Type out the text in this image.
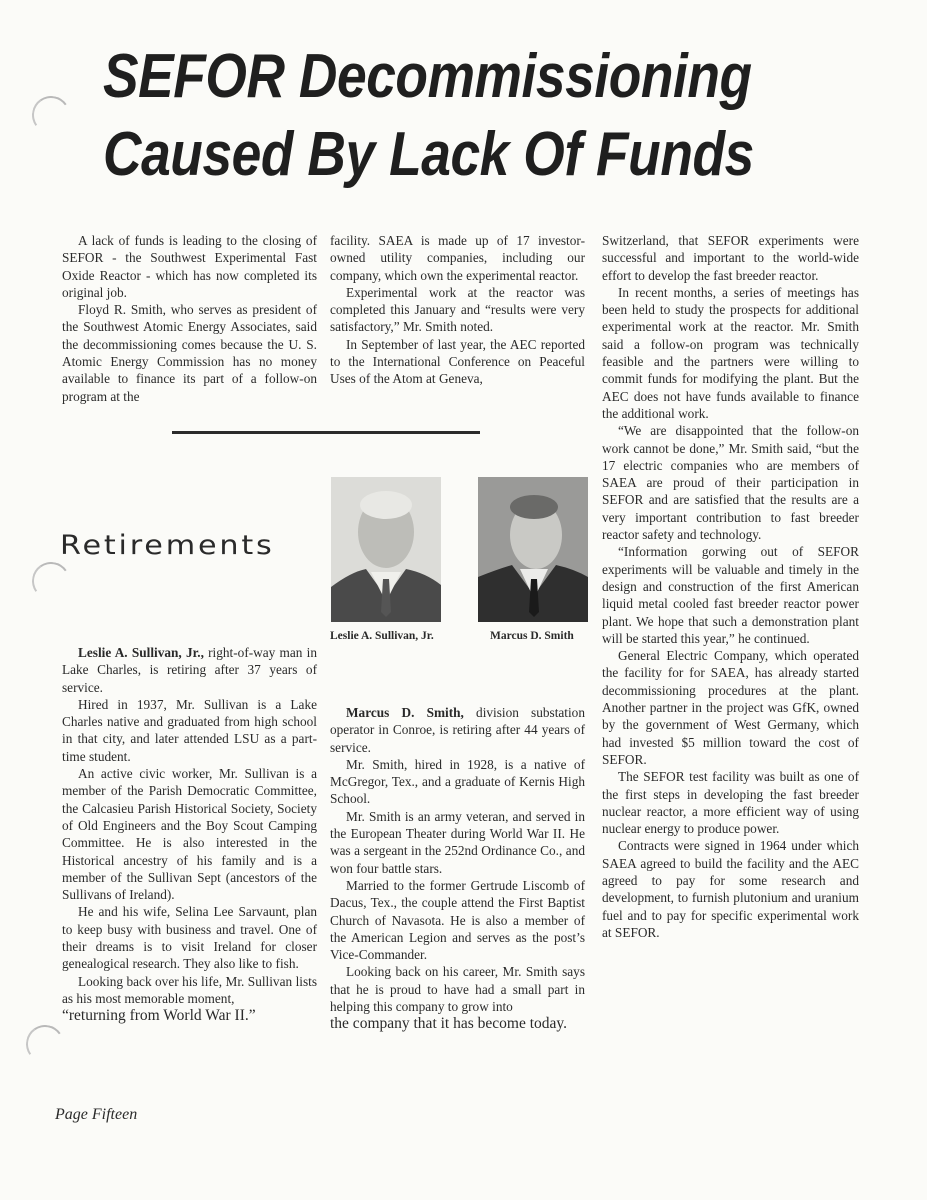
SEFOR Decommissioning
Caused By Lack Of Funds

A lack of funds is leading to the closing of SEFOR - the Southwest Experimental Fast Oxide Reactor - which has now completed its original job.

Floyd R. Smith, who serves as president of the Southwest Atomic Energy Associates, said the decommissioning comes because the U. S. Atomic Energy Commission has no money available to finance its part of a follow-on program at the

facility. SAEA is made up of 17 investor-owned utility companies, including our company, which own the experimental reactor.

Experimental work at the reactor was completed this January and “results were very satisfactory,” Mr. Smith noted.

In September of last year, the AEC reported to the International Conference on Peaceful Uses of the Atom at Geneva,

Switzerland, that SEFOR experiments were successful and important to the world-wide effort to develop the fast breeder reactor.

In recent months, a series of meetings has been held to study the prospects for additional experimental work at the reactor. Mr. Smith said a follow-on program was technically feasible and the partners were willing to commit funds for modifying the plant. But the AEC does not have funds available to finance the additional work.

“We are disappointed that the follow-on work cannot be done,” Mr. Smith said, “but the 17 electric companies who are members of SAEA are proud of their participation in SEFOR and are satisfied that the results are a very important contribution to fast breeder reactor safety and technology.

“Information gorwing out of SEFOR experiments will be valuable and timely in the design and construction of the first American liquid metal cooled fast breeder reactor power plant. We hope that such a demonstration plant will be started this year,” he continued.

General Electric Company, which operated the facility for for SAEA, has already started decommissioning procedures at the plant. Another partner in the project was GfK, owned by the government of West Germany, which had invested $5 million toward the cost of SEFOR.

The SEFOR test facility was built as one of the first steps in developing the fast breeder nuclear reactor, a more efficient way of using nuclear energy to produce power.

Contracts were signed in 1964 under which SAEA agreed to build the facility and the AEC agreed to pay for some research and development, to furnish plutonium and uranium fuel and to pay for specific experimental work at SEFOR.

Retirements
Leslie A. Sullivan, Jr.	Marcus D. Smith

Leslie A. Sullivan, Jr., right-of-way man in Lake Charles, is retiring after 37 years of service.

Hired in 1937, Mr. Sullivan is a Lake Charles native and graduated from high school in that city, and later attended LSU as a part-time student.

An active civic worker, Mr. Sullivan is a member of the Parish Democratic Committee, the Calcasieu Parish Historical Society, Society of Old Engineers and the Boy Scout Camping Committee. He is also interested in the Historical ancestry of his family and is a member of the Sullivan Sept (ancestors of the Sullivans of Ireland).

He and his wife, Selina Lee Sarvaunt, plan to keep busy with business and travel. One of their dreams is to visit Ireland for closer genealogical research. They also like to fish.

Looking back over his life, Mr. Sullivan lists as his most memorable moment,

“returning from World War II.”

Marcus D. Smith, division substation operator in Conroe, is retiring after 44 years of service.

Mr. Smith, hired in 1928, is a native of McGregor, Tex., and a graduate of Kernis High School.

Mr. Smith is an army veteran, and served in the European Theater during World War II. He was a sergeant in the 252nd Ordinance Co., and won four battle stars.

Married to the former Gertrude Liscomb of Dacus, Tex., the couple attend the First Baptist Church of Navasota. He is also a member of the American Legion and serves as the post’s Vice-Commander.

Looking back on his career, Mr. Smith says that he is proud to have had a small part in helping this company to grow into

the company that it has become today.

Page Fifteen
